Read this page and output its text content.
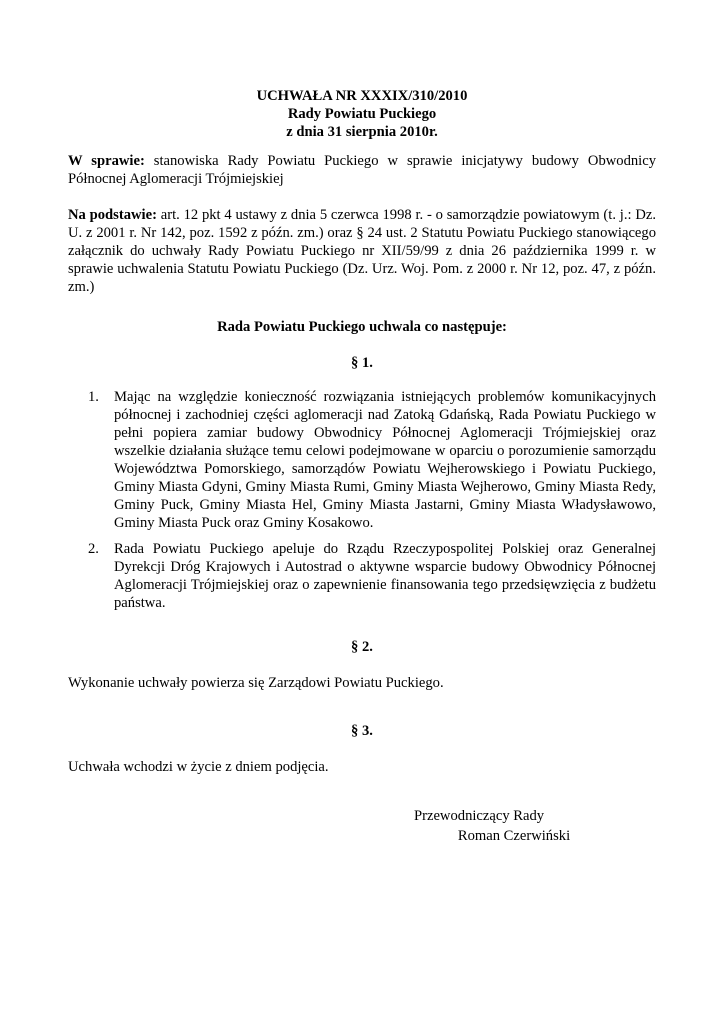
UCHWAŁA NR XXXIX/310/2010
Rady Powiatu Puckiego
z dnia 31 sierpnia 2010r.

W sprawie: stanowiska Rady Powiatu Puckiego w sprawie inicjatywy budowy Obwodnicy Północnej Aglomeracji Trójmiejskiej

Na podstawie: art. 12 pkt 4 ustawy z dnia 5 czerwca 1998 r. - o samorządzie powiatowym (t. j.: Dz. U. z 2001 r. Nr 142, poz. 1592 z późn. zm.) oraz § 24 ust. 2 Statutu Powiatu Puckiego stanowiącego załącznik do uchwały Rady Powiatu Puckiego nr XII/59/99 z dnia 26 października 1999 r. w sprawie uchwalenia Statutu Powiatu Puckiego (Dz. Urz. Woj. Pom. z 2000 r. Nr 12, poz. 47, z późn. zm.)

Rada Powiatu Puckiego uchwala co następuje:
§ 1.
1. Mając na względzie konieczność rozwiązania istniejących problemów komunikacyjnych północnej i zachodniej części aglomeracji nad Zatoką Gdańską, Rada Powiatu Puckiego w pełni popiera zamiar budowy Obwodnicy Północnej Aglomeracji Trójmiejskiej oraz wszelkie działania służące temu celowi podejmowane w oparciu o porozumienie samorządu Województwa Pomorskiego, samorządów Powiatu Wejherowskiego i Powiatu Puckiego, Gminy Miasta Gdyni, Gminy Miasta Rumi, Gminy Miasta Wejherowo, Gminy Miasta Redy, Gminy Puck, Gminy Miasta Hel, Gminy Miasta Jastarni, Gminy Miasta Władysławowo, Gminy Miasta Puck oraz Gminy Kosakowo.
2. Rada Powiatu Puckiego apeluje do Rządu Rzeczypospolitej Polskiej oraz Generalnej Dyrekcji Dróg Krajowych i Autostrad o aktywne wsparcie budowy Obwodnicy Północnej Aglomeracji Trójmiejskiej oraz o zapewnienie finansowania tego przedsięwzięcia z budżetu państwa.
§ 2.

Wykonanie uchwały powierza się Zarządowi Powiatu Puckiego.

§ 3.

Uchwała wchodzi w życie z dniem podjęcia.

Przewodniczący Rady
Roman Czerwiński
